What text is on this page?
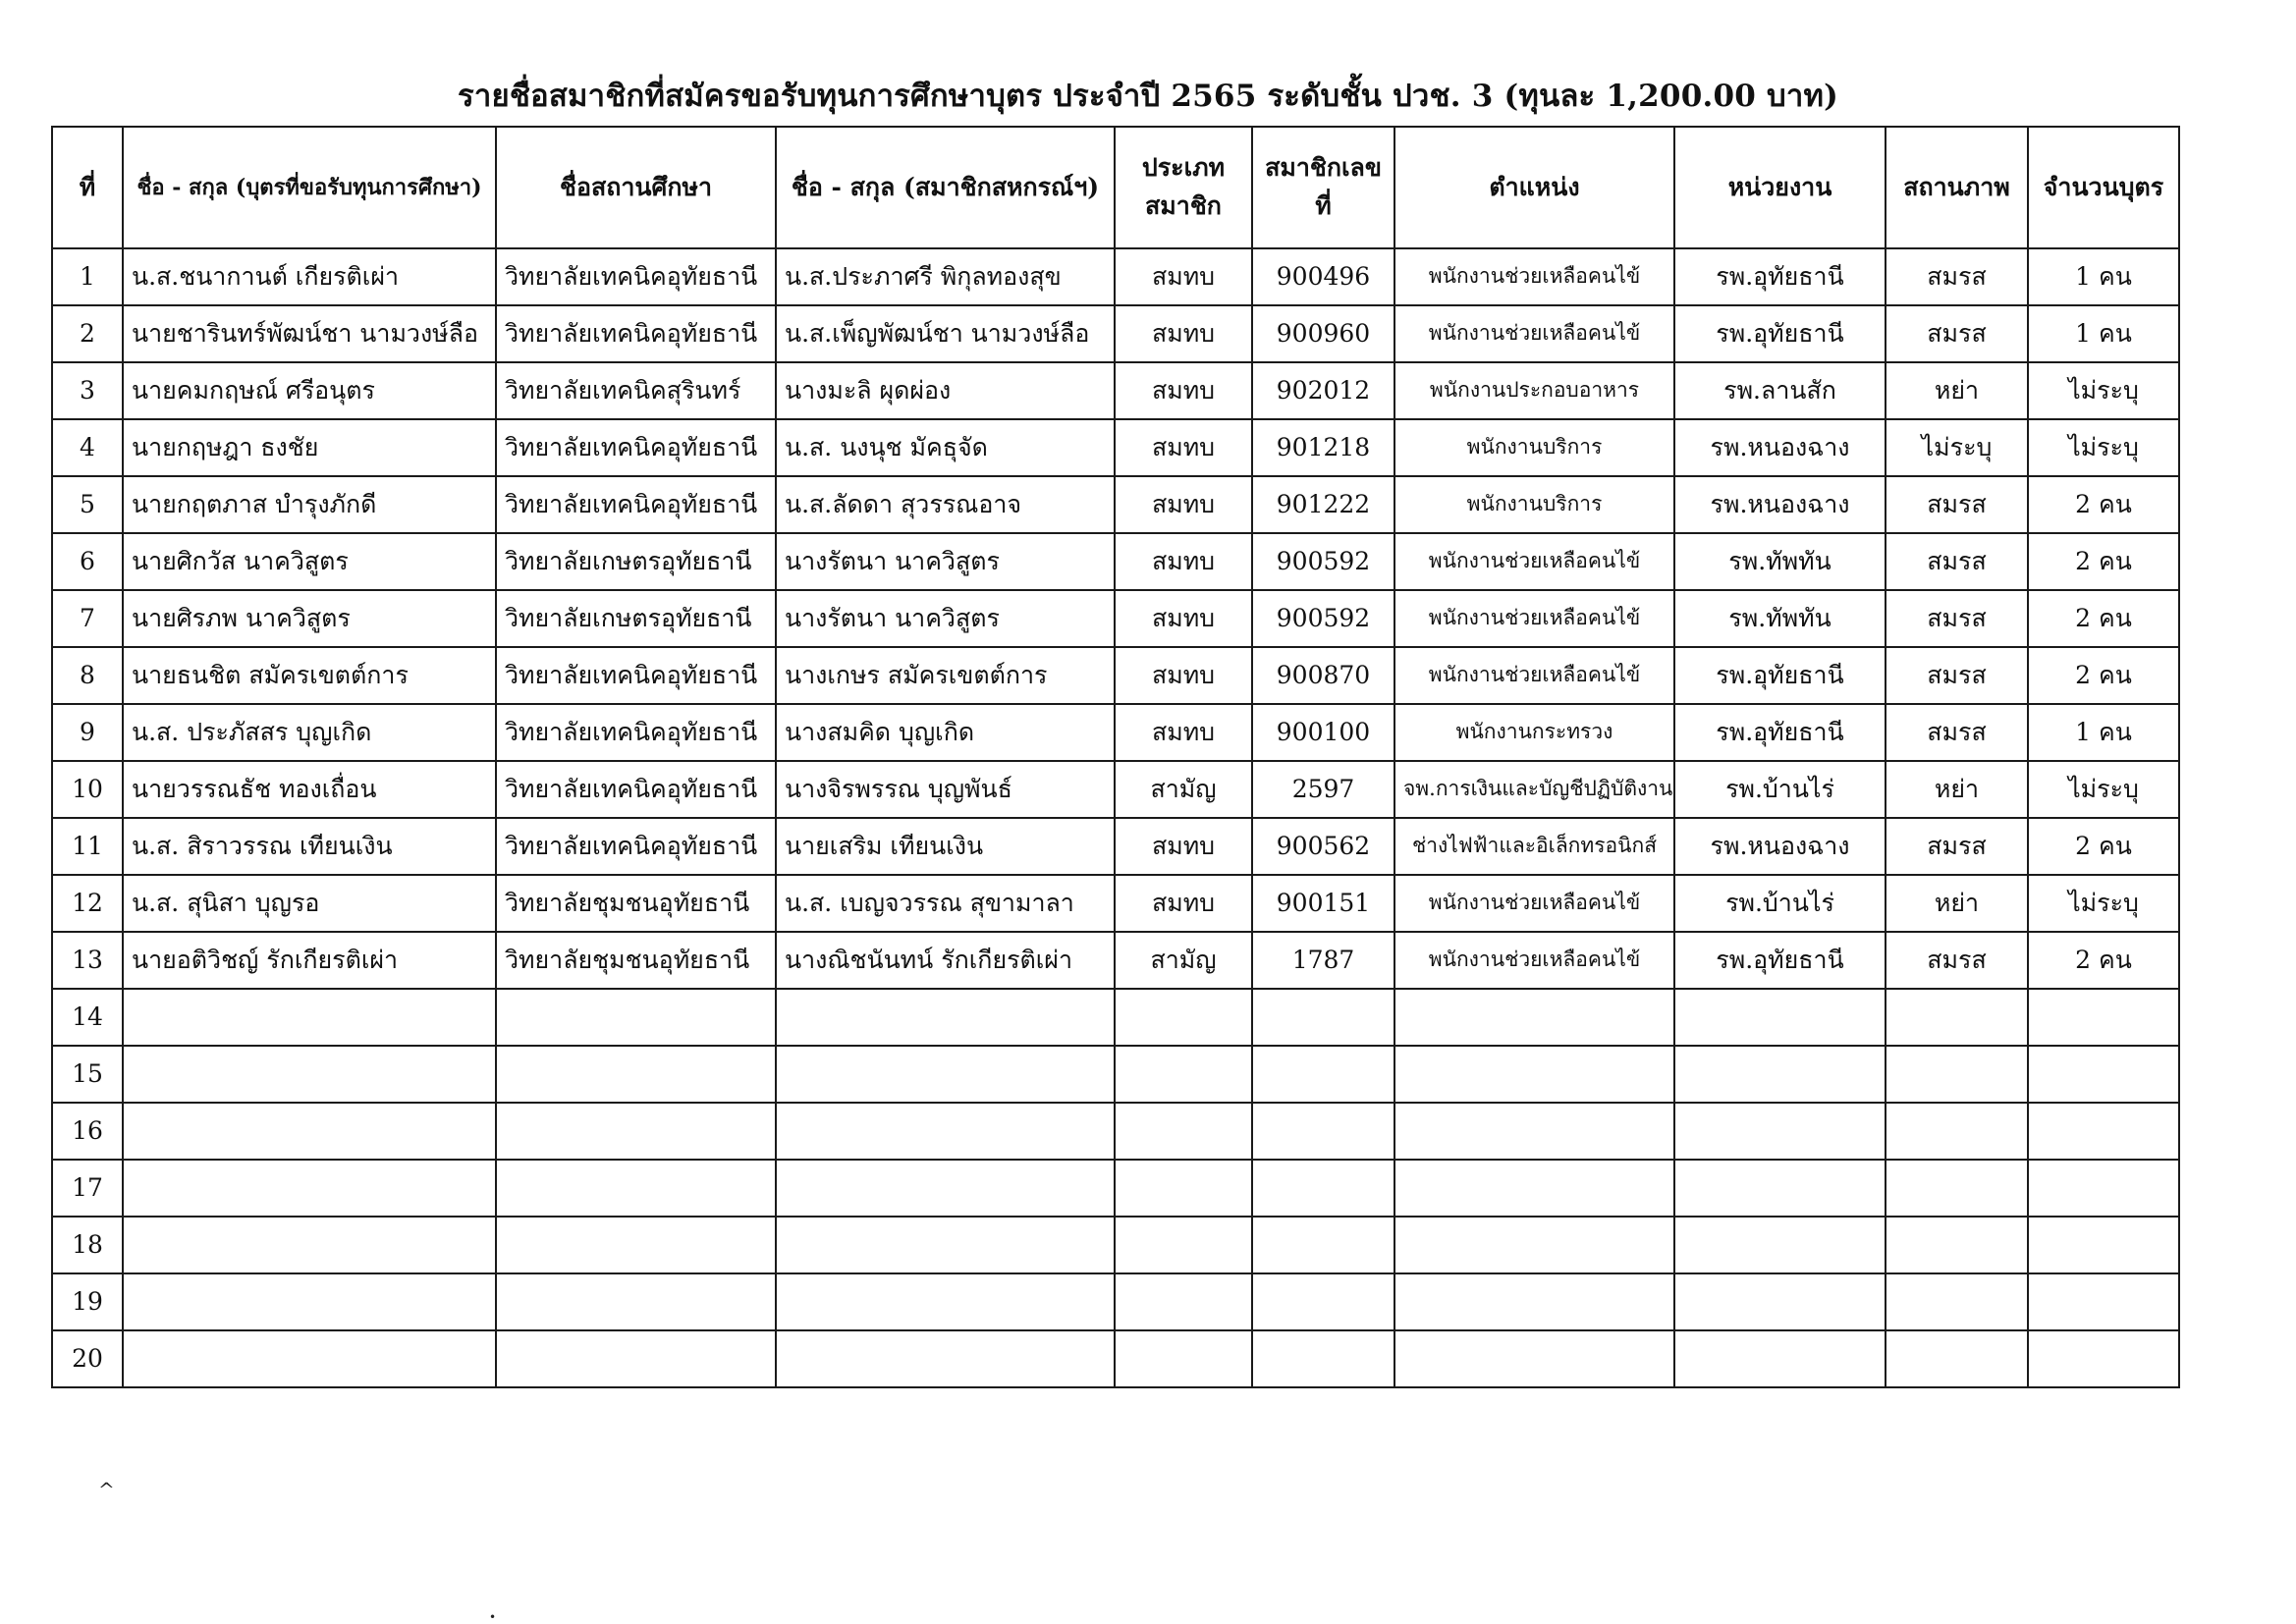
รายชื่อสมาชิกที่สมัครขอรับทุนการศึกษาบุตร ประจำปี 2565 ระดับชั้น ปวช. 3 (ทุนละ 1,200.00 บาท)
ที่	ชื่อ - สกุล (บุตรที่ขอรับทุนการศึกษา)	ชื่อสถานศึกษา	ชื่อ - สกุล (สมาชิกสหกรณ์ฯ)	ประเภท
สมาชิก	สมาชิกเลขที่	ตำแหน่ง	หน่วยงาน	สถานภาพ	จำนวนบุตร
1	น.ส.ชนากานต์ เกียรติเผ่า	วิทยาลัยเทคนิคอุทัยธานี	น.ส.ประภาศรี พิกุลทองสุข	สมทบ	900496	พนักงานช่วยเหลือคนไข้	รพ.อุทัยธานี	สมรส	1 คน
2	นายชารินทร์พัฒน์ชา นามวงษ์ลือ	วิทยาลัยเทคนิคอุทัยธานี	น.ส.เพ็ญพัฒน์ชา นามวงษ์ลือ	สมทบ	900960	พนักงานช่วยเหลือคนไข้	รพ.อุทัยธานี	สมรส	1 คน
3	นายคมกฤษณ์ ศรีอนุตร	วิทยาลัยเทคนิคสุรินทร์	นางมะลิ ผุดผ่อง	สมทบ	902012	พนักงานประกอบอาหาร	รพ.ลานสัก	หย่า	ไม่ระบุ
4	นายกฤษฎา ธงชัย	วิทยาลัยเทคนิคอุทัยธานี	น.ส. นงนุช มัคธุจัด	สมทบ	901218	พนักงานบริการ	รพ.หนองฉาง	ไม่ระบุ	ไม่ระบุ
5	นายกฤตภาส บำรุงภักดี	วิทยาลัยเทคนิคอุทัยธานี	น.ส.ลัดดา สุวรรณอาจ	สมทบ	901222	พนักงานบริการ	รพ.หนองฉาง	สมรส	2 คน
6	นายศิกวัส นาควิสูตร	วิทยาลัยเกษตรอุทัยธานี	นางรัตนา นาควิสูตร	สมทบ	900592	พนักงานช่วยเหลือคนไข้	รพ.ทัพทัน	สมรส	2 คน
7	นายศิรภพ นาควิสูตร	วิทยาลัยเกษตรอุทัยธานี	นางรัตนา นาควิสูตร	สมทบ	900592	พนักงานช่วยเหลือคนไข้	รพ.ทัพทัน	สมรส	2 คน
8	นายธนชิต สมัครเขตต์การ	วิทยาลัยเทคนิคอุทัยธานี	นางเกษร สมัครเขตต์การ	สมทบ	900870	พนักงานช่วยเหลือคนไข้	รพ.อุทัยธานี	สมรส	2 คน
9	น.ส. ประภัสสร บุญเกิด	วิทยาลัยเทคนิคอุทัยธานี	นางสมคิด บุญเกิด	สมทบ	900100	พนักงานกระทรวง	รพ.อุทัยธานี	สมรส	1 คน
10	นายวรรณธัช ทองเถื่อน	วิทยาลัยเทคนิคอุทัยธานี	นางจิรพรรณ บุญพันธ์	สามัญ	2597	จพ.การเงินและบัญชีปฏิบัติงาน	รพ.บ้านไร่	หย่า	ไม่ระบุ
11	น.ส. สิราวรรณ เทียนเงิน	วิทยาลัยเทคนิคอุทัยธานี	นายเสริม เทียนเงิน	สมทบ	900562	ช่างไฟฟ้าและอิเล็กทรอนิกส์	รพ.หนองฉาง	สมรส	2 คน
12	น.ส. สุนิสา บุญรอ	วิทยาลัยชุมชนอุทัยธานี	น.ส. เบญจวรรณ สุขามาลา	สมทบ	900151	พนักงานช่วยเหลือคนไข้	รพ.บ้านไร่	หย่า	ไม่ระบุ
13	นายอติวิชญ์ รักเกียรติเผ่า	วิทยาลัยชุมชนอุทัยธานี	นางณิชนันทน์ รักเกียรติเผ่า	สามัญ	1787	พนักงานช่วยเหลือคนไข้	รพ.อุทัยธานี	สมรส	2 คน
14									
15									
16									
17									
18									
19									
20									
^
•
